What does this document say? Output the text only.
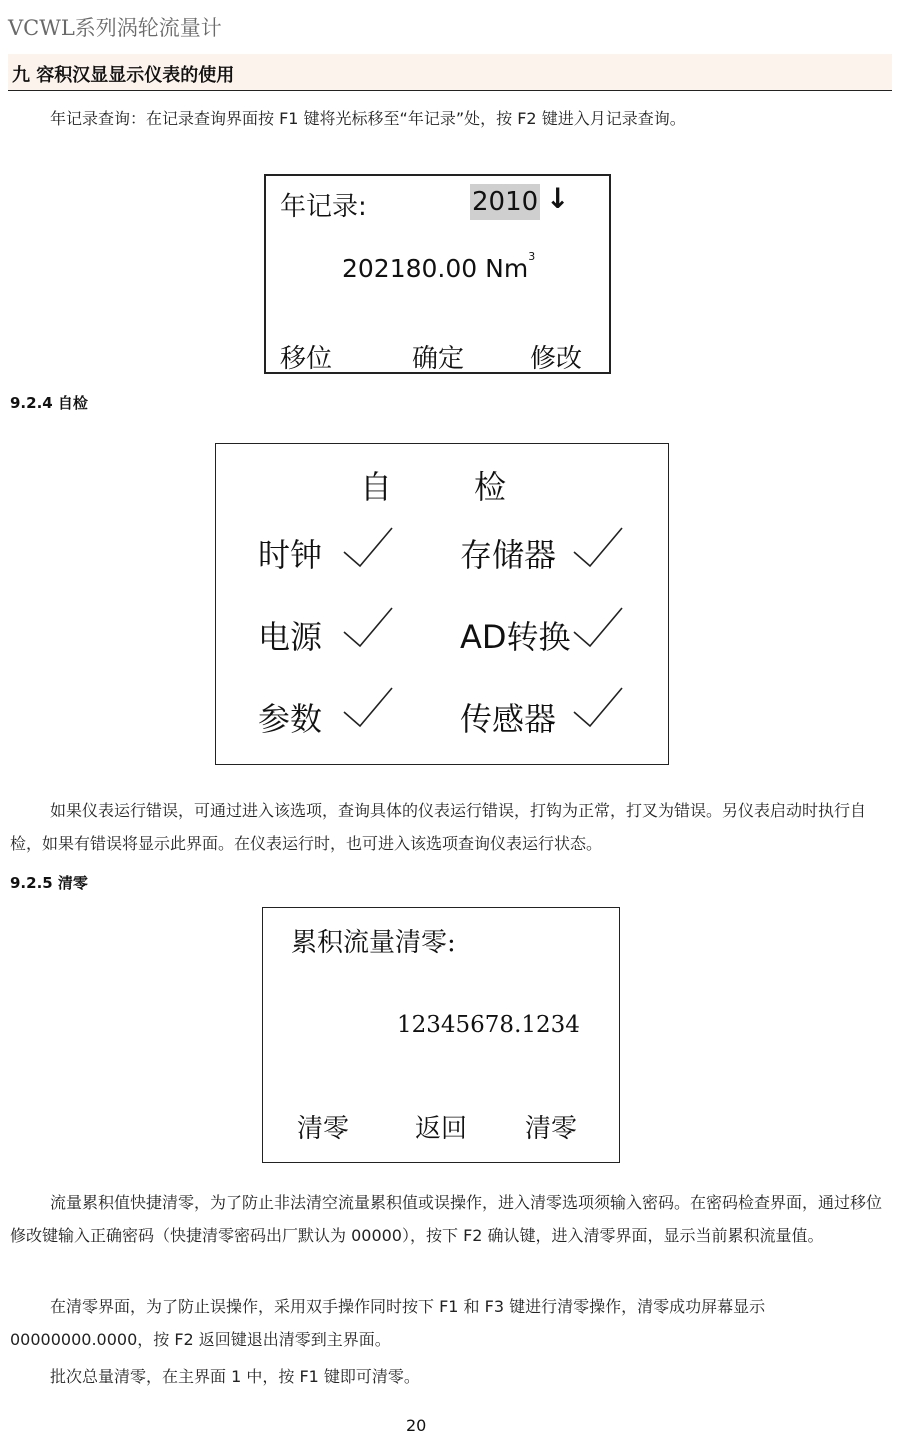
VCWL系列涡轮流量计
九 容积汉显显示仪表的使用

年记录查询：在记录查询界面按 F1 键将光标移至“年记录”处，按 F2 键进入月记录查询。

年记录:	2010 ↓
202180.00 Nm$^3$
移位	确定	修改
9.2.4 自检
自	检
时钟	存储器
电源	AD转换
参数	传感器

如果仪表运行错误，可通过进入该选项，查询具体的仪表运行错误，打钩为正常，打叉为错误。另仪表启动时执行自检，如果有错误将显示此界面。在仪表运行时，也可进入该选项查询仪表运行状态。

9.2.5 清零
累积流量清零:
12345678.1234
清零	返回 清零

流量累积值快捷清零，为了防止非法清空流量累积值或误操作，进入清零选项须输入密码。在密码检查界面，通过移位修改键输入正确密码（快捷清零密码出厂默认为 00000），按下 F2 确认键，进入清零界面，显示当前累积流量值。

在清零界面，为了防止误操作，采用双手操作同时按下 F1 和 F3 键进行清零操作，清零成功屏幕显示 00000000.0000，按 F2 返回键退出清零到主界面。

批次总量清零，在主界面 1 中，按 F1 键即可清零。

20
